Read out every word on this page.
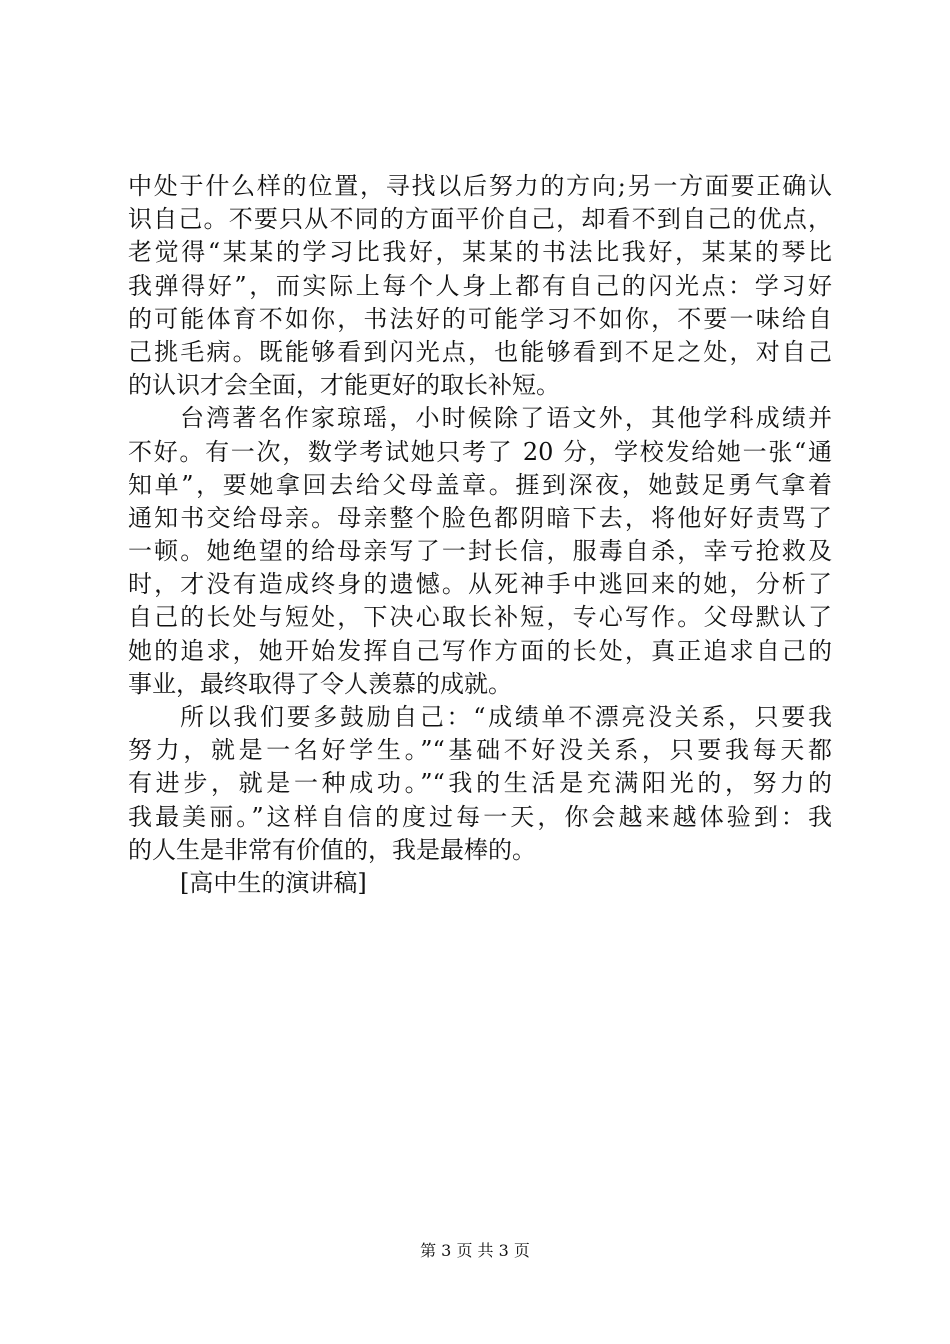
中处于什么样的位置，寻找以后努力的方向;另一方面要正确认
识自己。不要只从不同的方面平价自己，却看不到自己的优点，
老觉得“某某的学习比我好，某某的书法比我好，某某的琴比
我弹得好”，而实际上每个人身上都有自己的闪光点：学习好
的可能体育不如你，书法好的可能学习不如你，不要一味给自
己挑毛病。既能够看到闪光点，也能够看到不足之处，对自己
的认识才会全面，才能更好的取长补短。
台湾著名作家琼瑶，小时候除了语文外，其他学科成绩并
不好。有一次，数学考试她只考了 20 分，学校发给她一张“通
知单”，要她拿回去给父母盖章。捱到深夜，她鼓足勇气拿着
通知书交给母亲。母亲整个脸色都阴暗下去，将他好好责骂了
一顿。她绝望的给母亲写了一封长信，服毒自杀，幸亏抢救及
时，才没有造成终身的遗憾。从死神手中逃回来的她，分析了
自己的长处与短处，下决心取长补短，专心写作。父母默认了
她的追求，她开始发挥自己写作方面的长处，真正追求自己的
事业，最终取得了令人羡慕的成就。
所以我们要多鼓励自己：“成绩单不漂亮没关系，只要我
努力，就是一名好学生。”“基础不好没关系，只要我每天都
有进步，就是一种成功。”“我的生活是充满阳光的，努力的
我最美丽。”这样自信的度过每一天，你会越来越体验到：我
的人生是非常有价值的，我是最棒的。
[高中生的演讲稿]
第 3 页 共 3 页
